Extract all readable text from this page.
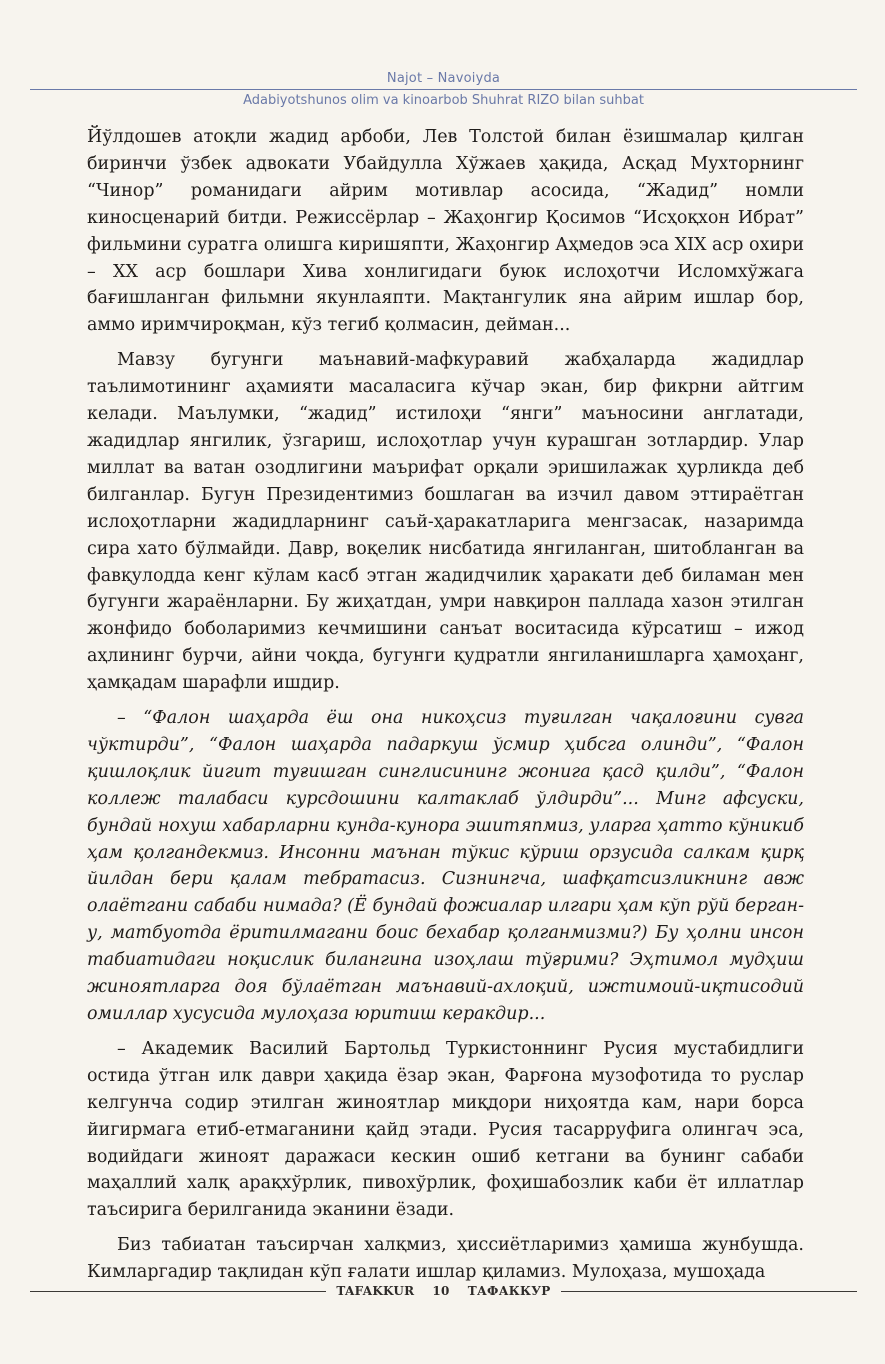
Najot – Navoiyda
Adabiyotshunos olim va kinoarbob Shuhrat RIZO bilan suhbat

Йўлдошев атоқли жадид арбоби, Лев Толстой билан ёзишмалар қилган биринчи ўзбек адвокати Убайдулла Хўжаев ҳақида, Асқад Мухторнинг “Чинор” романидаги айрим мотивлар асосида, “Жадид” номли киносценарий битди. Режиссёрлар – Жаҳонгир Қосимов “Исҳоқхон Ибрат” фильмини суратга олишга киришяпти, Жаҳонгир Аҳмедов эса XIX аср охири – XX аср бошлари Хива хонлигидаги буюк ислоҳотчи Исломхўжага бағишланган фильмни якунлаяпти. Мақтангулик яна айрим ишлар бор, аммо иримчироқман, кўз тегиб қолмасин, дейман...

Мавзу бугунги маънавий-мафкуравий жабҳаларда жадидлар таълимотининг аҳамияти масаласига кўчар экан, бир фикрни айтгим келади. Маълумки, “жадид” истилоҳи “янги” маъносини англатади, жадидлар янгилик, ўзгариш, ислоҳотлар учун курашган зотлардир. Улар миллат ва ватан озодлигини маърифат орқали эришилажак ҳурликда деб билганлар. Бугун Президентимиз бошлаган ва изчил давом эттираётган ислоҳотларни жадидларнинг саъй-ҳаракатларига менгзасак, назаримда сира хато бўлмайди. Давр, воқелик нисбатида янгиланган, шитобланган ва фавқулодда кенг кўлам касб этган жадидчилик ҳаракати деб биламан мен бугунги жараёнларни. Бу жиҳатдан, умри навқирон паллада хазон этилган жонфидо боболаримиз кечмишини санъат воситасида кўрсатиш – ижод аҳлининг бурчи, айни чоқда, бугунги қудратли янгиланишларга ҳамоҳанг, ҳамқадам шарафли ишдир.

– “Фалон шаҳарда ёш она никоҳсиз туғилган чақалоғини сувга чўктирди”, “Фалон шаҳарда падаркуш ўсмир ҳибсга олинди”, “Фалон қишлоқлик йигит туғишган синглисининг жонига қасд қилди”, “Фалон коллеж талабаси курсдошини калтаклаб ўлдирди”... Минг афсуски, бундай нохуш хабарларни кунда-кунора эшитяпмиз, уларга ҳатто кўникиб ҳам қолгандекмиз. Инсонни маънан тўкис кўриш орзусида салкам қирқ йилдан бери қалам тебратасиз. Сизнингча, шафқатсизликнинг авж олаётгани сабаби нимада? (Ё бундай фожиалар илгари ҳам кўп рўй берган-у, матбуотда ёритилмагани боис бехабар қолганмизми?) Бу ҳолни инсон табиатидаги ноқислик билангина изоҳлаш тўғрими? Эҳтимол мудҳиш жиноятларга доя бўлаётган маънавий-ахлоқий, ижтимоий-иқтисодий омиллар хусусида мулоҳаза юритиш кеpакдир...

– Академик Василий Бартольд Туркистоннинг Русия мустабидлиги остида ўтган илк даври ҳақида ёзар экан, Фарғона музофотида то руслар келгунча содир этилган жиноятлар миқдори ниҳоятда кам, нари борса йигирмага етиб-етмаганини қайд этади. Русия тасарруфига олингач эса, водийдаги жиноят даражаси кескин ошиб кетгани ва бунинг сабаби маҳаллий халқ арақхўрлик, пивохўрлик, фоҳишабозлик каби ёт иллатлар таъсирига берилганида эканини ёзади.

Биз табиатан таъсирчан халқмиз, ҳиссиётларимиз ҳамиша жунбушда. Кимларгадир тақлидан кўп ғалати ишлар қиламиз. Мулоҳаза, мушоҳада

TAFAKKUR 10 ТАФАККУР
